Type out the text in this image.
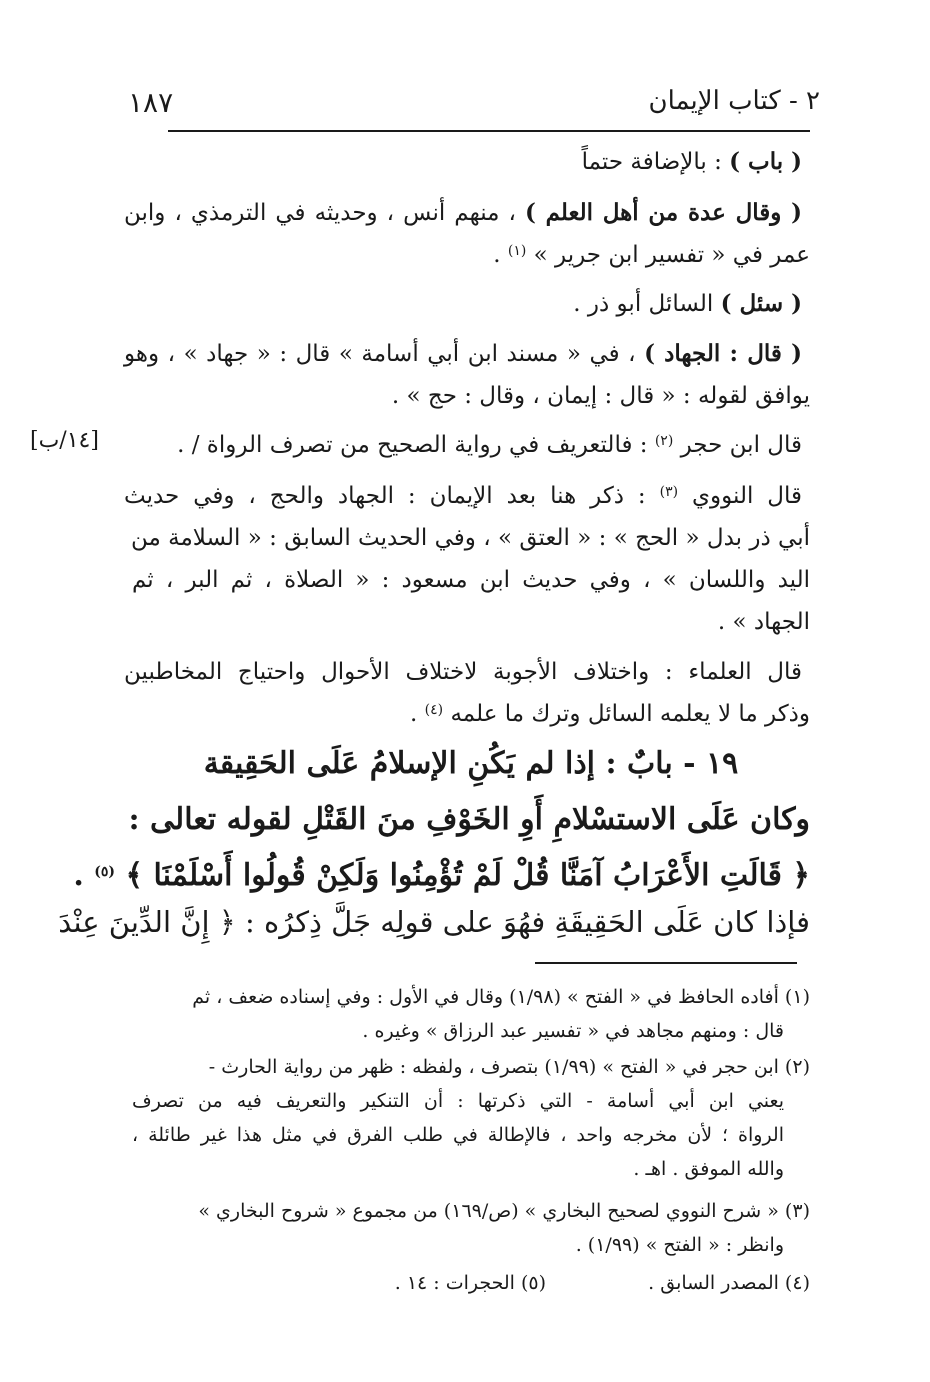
٢ - كتاب الإيمان
١٨٧
( باب ) : بالإضافة حتماً
( وقال عدة من أهل العلم ) ، منهم أنس ، وحديثه في الترمذي ، وابن
عمر في « تفسير ابن جرير » $^{(١)}$ .
( سئل ) السائل أبو ذر .
( قال : الجهاد ) ، في « مسند ابن أبي أسامة » قال : « جهاد » ، وهو
يوافق لقوله : « قال : إيمان ، وقال : حج » .
قال ابن حجر $^{(٢)}$ : فالتعريف في رواية الصحيح من تصرف الرواة / .
[١٤/ب]
قال النووي $^{(٣)}$ : ذكر هنا بعد الإيمان : الجهاد والحج ، وفي حديث
أبي ذر بدل « الحج » : « العتق » ، وفي الحديث السابق : « السلامة من
اليد واللسان » ، وفي حديث ابن مسعود : « الصلاة ، ثم البر ، ثم
الجهاد » .
قال العلماء : واختلاف الأجوبة لاختلاف الأحوال واحتياج المخاطبين
وذكر ما لا يعلمه السائل وترك ما علمه $^{(٤)}$ .
١٩ - بابٌ : إذا لم يَكُنِ الإسلامُ عَلَى الحَقِيقة
وكان عَلَى الاستسْلامِ أَوِ الخَوْفِ منَ القَتْلِ لقوله تعالى :
﴿ قَالَتِ الأَعْرَابُ آمَنَّا قُلْ لَمْ تُؤْمِنُوا وَلَكِنْ قُولُوا أَسْلَمْنَا ﴾ $^{(٥)}$ .
فإذا كان عَلَى الحَقِيقَةِ فهُوَ على قولِه جَلَّ ذِكرُه : ﴿ إِنَّ الدِّينَ عِنْدَ
(١) أفاده الحافظ في « الفتح » (١/٩٨) وقال في الأول : وفي إسناده ضعف ، ثم
قال : ومنهم مجاهد في « تفسير عبد الرزاق » وغيره .
(٢) ابن حجر في « الفتح » (١/٩٩) بتصرف ، ولفظه : ظهر من رواية الحارث -
يعني ابن أبي أسامة - التي ذكرتها : أن التنكير والتعريف فيه من تصرف
الرواة ؛ لأن مخرجه واحد ، فالإطالة في طلب الفرق في مثل هذا غير طائلة ،
والله الموفق . اهـ .
(٣) « شرح النووي لصحيح البخاري » (ص/١٦٩) من مجموع « شروح البخاري »
وانظر : « الفتح » (١/٩٩) .
(٤) المصدر السابق .  (٥) الحجرات : ١٤ .
